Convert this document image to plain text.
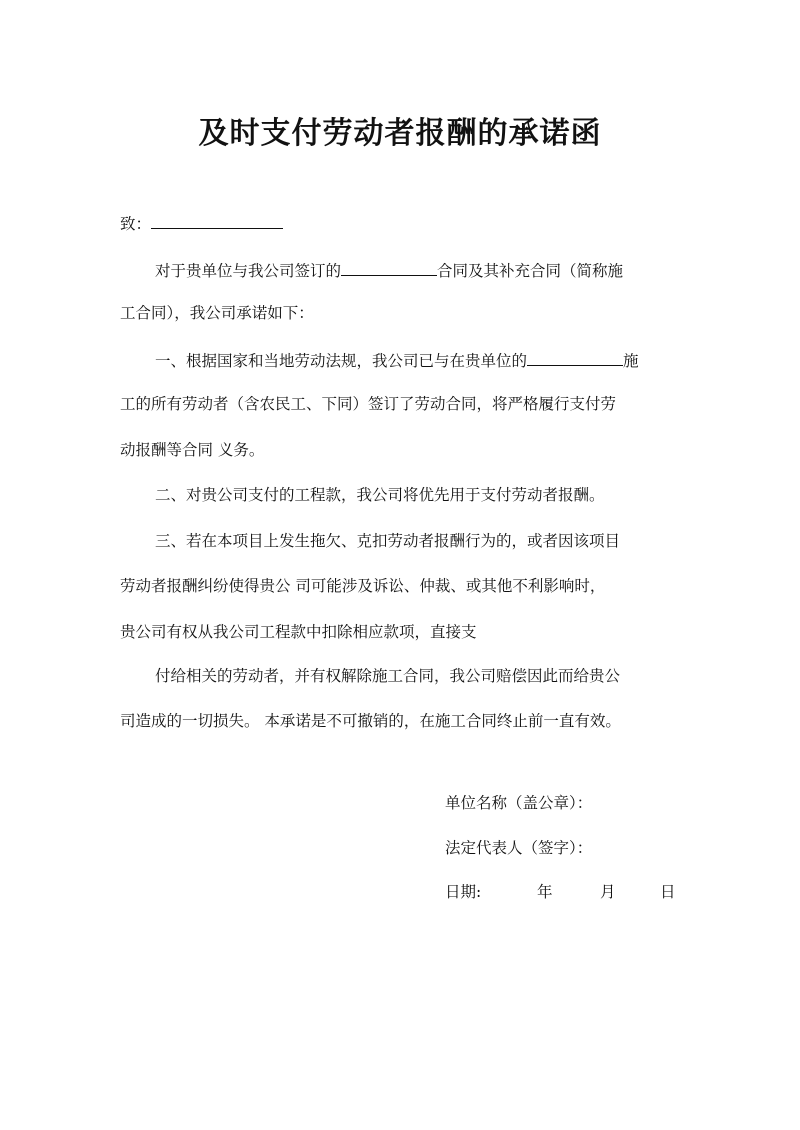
及时支付劳动者报酬的承诺函
致：
对于贵单位与我公司签订的	合同及其补充合同（简称施
工合同），我公司承诺如下：
一、根据国家和当地劳动法规，我公司已与在贵单位的	施
工的所有劳动者（含农民工、下同）签订了劳动合同，将严格履行支付劳
动报酬等合同 义务。
二、对贵公司支付的工程款，我公司将优先用于支付劳动者报酬。
三、若在本项目上发生拖欠、克扣劳动者报酬行为的，或者因该项目
劳动者报酬纠纷使得贵公 司可能涉及诉讼、仲裁、或其他不利影响时，
贵公司有权从我公司工程款中扣除相应款项，直接支
付给相关的劳动者，并有权解除施工合同，我公司赔偿因此而给贵公
司造成的一切损失。 本承诺是不可撤销的，在施工合同终止前一直有效。
单位名称（盖公章）：
法定代表人（签字）：
日期:	年	月	日
